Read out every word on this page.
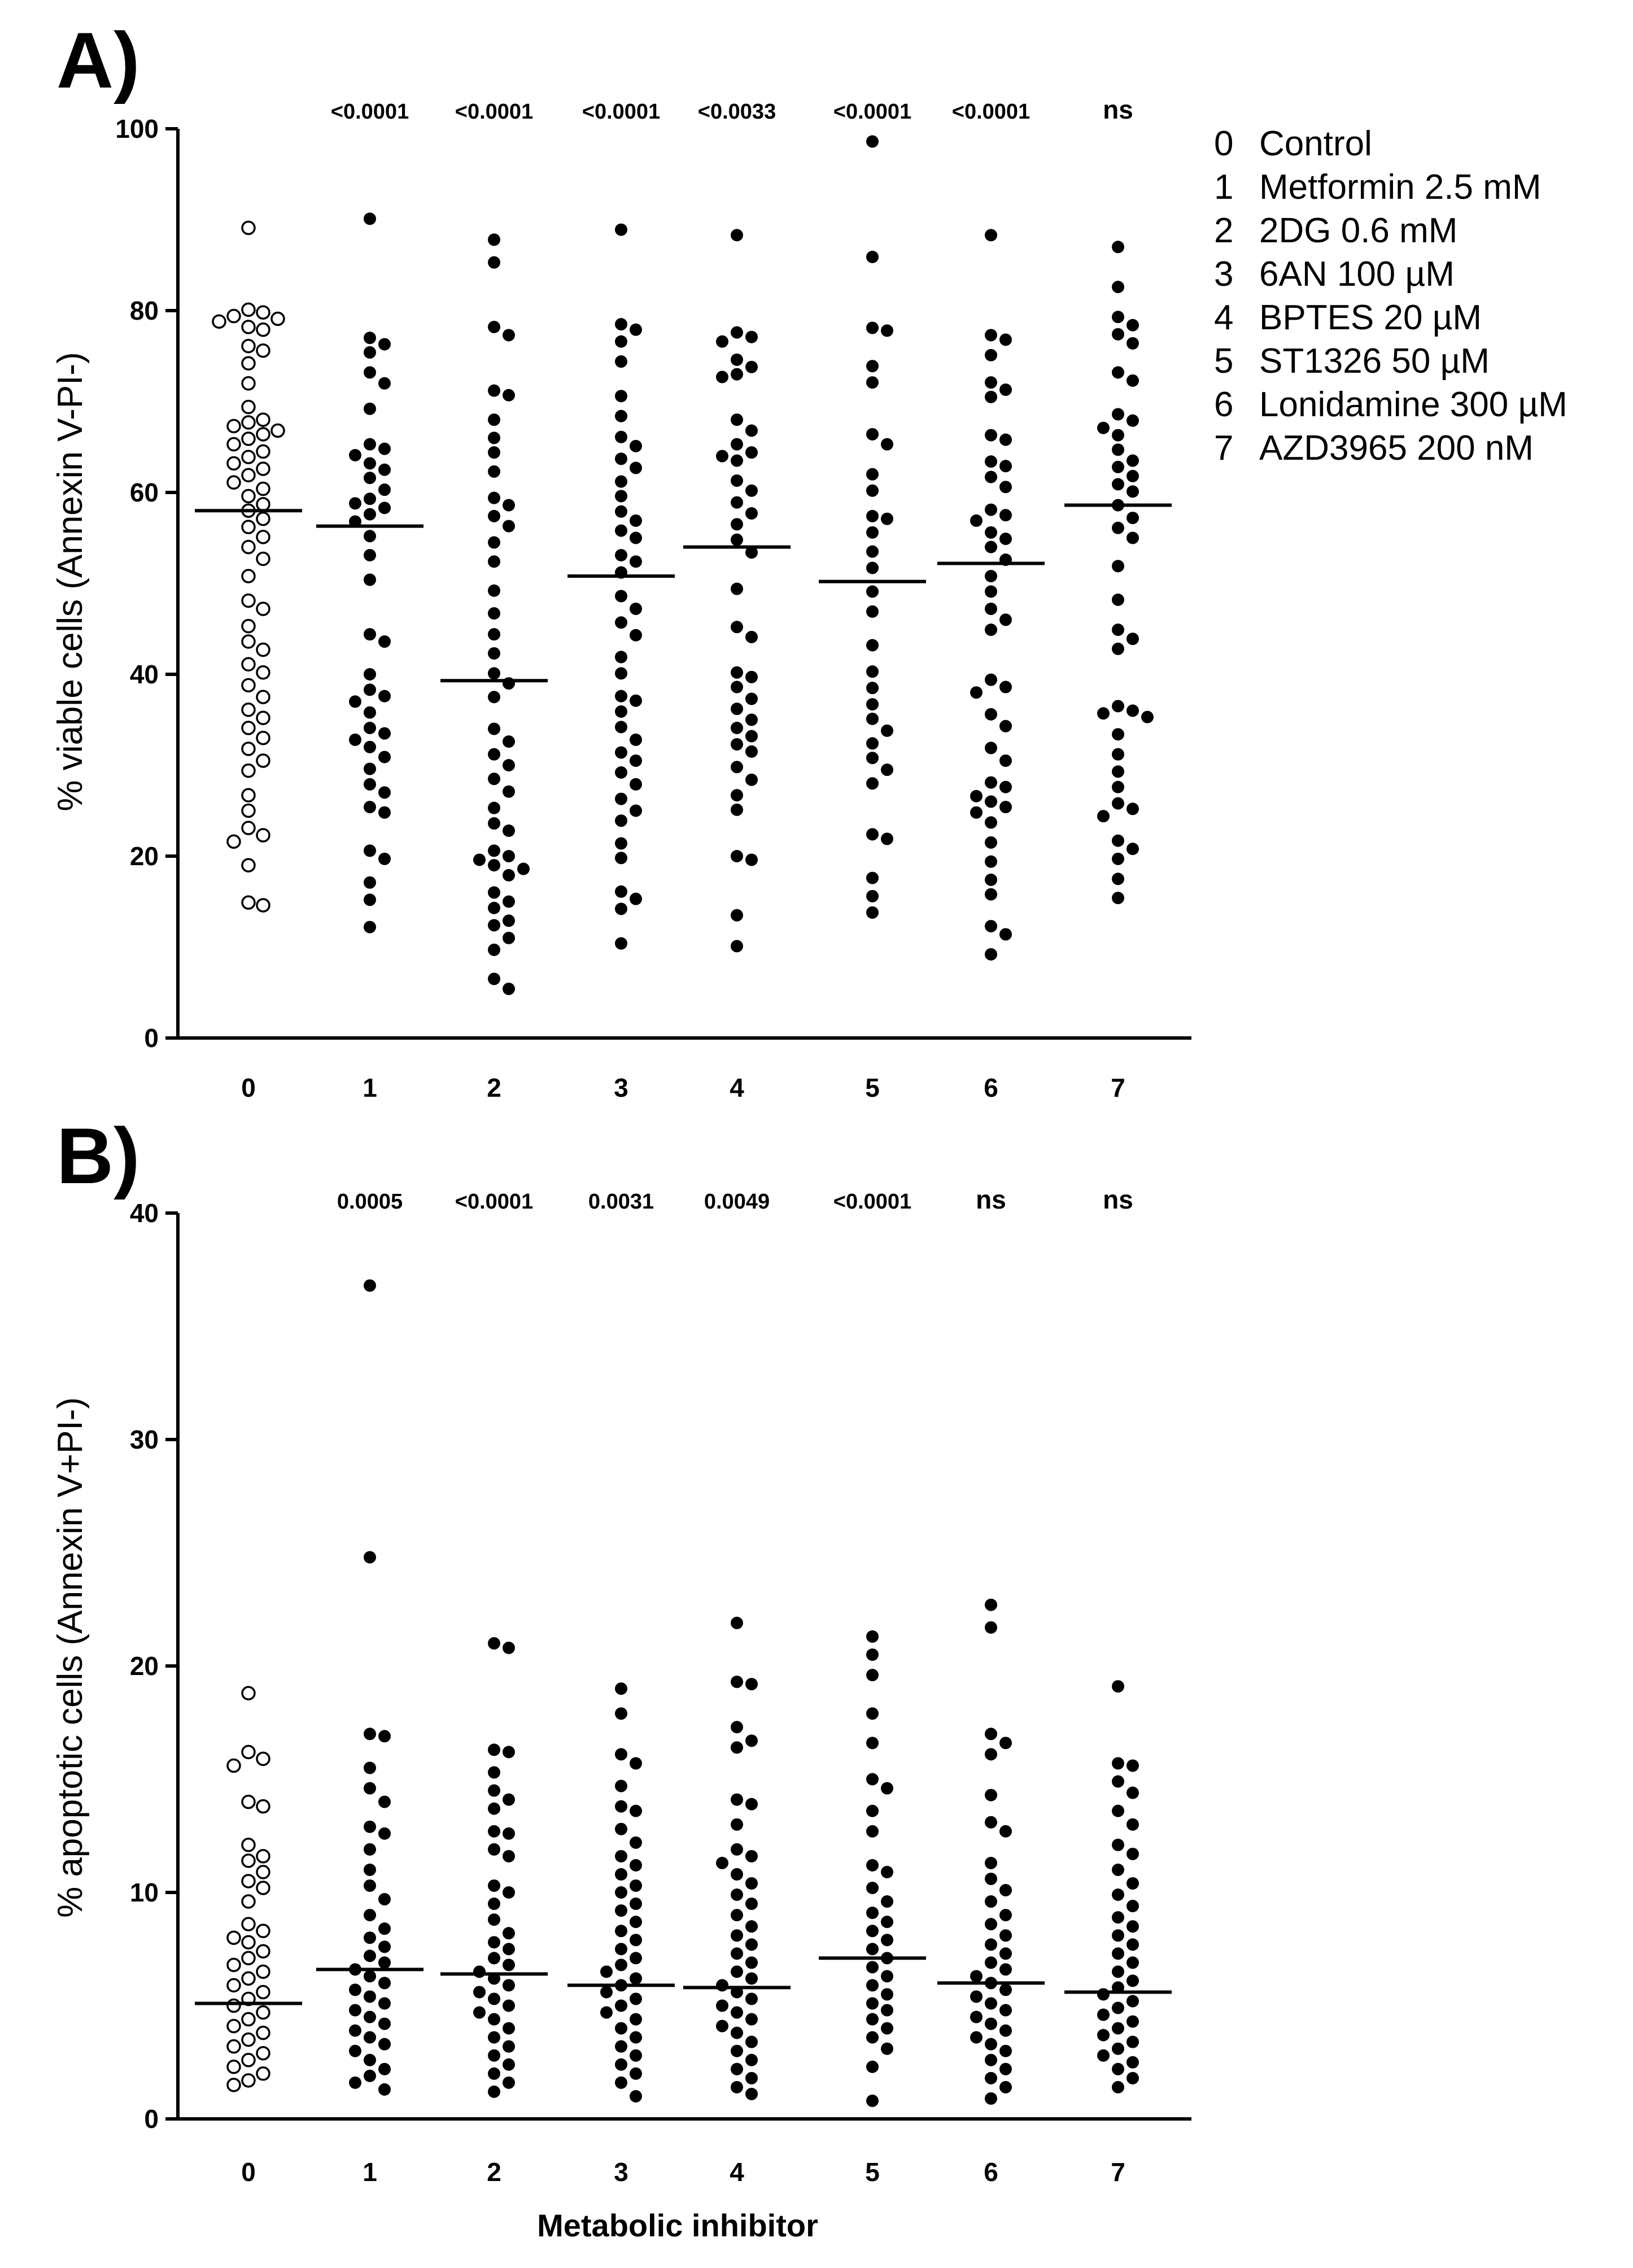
A)
B)
% viable cells (Annexin V-PI-)
0
20
40
60
80
100
0	1
<0.0001
2
<0.0001
3
<0.0001
4
<0.0033
5
<0.0001
6
<0.0001
7
ns
% apoptotic cells (Annexin V+PI-)
Metabolic inhibitor
0
10
20
30
40
0	1
0.0005
2
<0.0001
3
0.0031
4
0.0049
5
<0.0001
6
ns
7
ns
0 Control
1 Metformin 2.5 mM
2 2DG 0.6 mM
3 6AN 100 µM
4 BPTES 20 µM
5 ST1326 50 µM
6 Lonidamine 300 µM
7 AZD3965 200 nM
